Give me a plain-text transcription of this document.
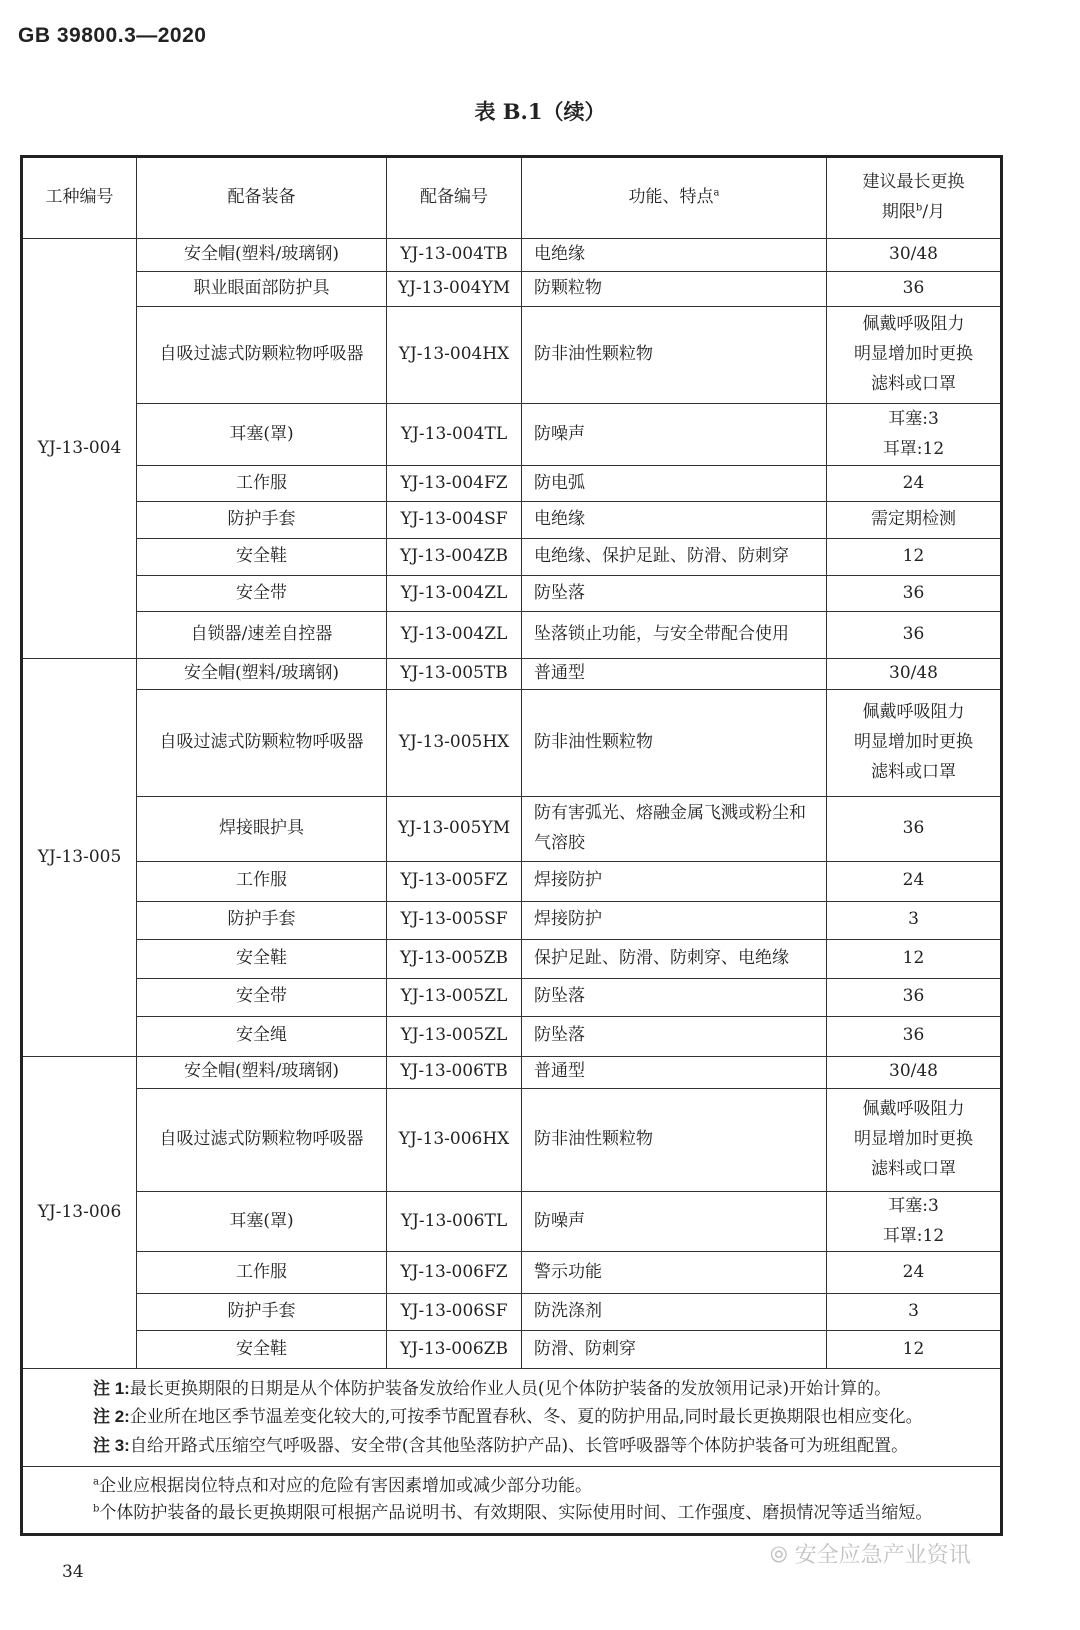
GB 39800.3—2020
表 B.1（续）
工种编号	配备装备	配备编号	功能、特点$^a$	建议最长更换
期限$^b$/月
YJ-13-004	安全帽(塑料/玻璃钢)	YJ-13-004TB	电绝缘	30/48
	职业眼面部防护具	YJ-13-004YM	防颗粒物	36
	自吸过滤式防颗粒物呼吸器	YJ-13-004HX	防非油性颗粒物	佩戴呼吸阻力
明显增加时更换
滤料或口罩
	耳塞(罩)	YJ-13-004TL	防噪声	耳塞:3
耳罩:12
	工作服	YJ-13-004FZ	防电弧	24
	防护手套	YJ-13-004SF	电绝缘	需定期检测
	安全鞋	YJ-13-004ZB	电绝缘、保护足趾、防滑、防刺穿	12
	安全带	YJ-13-004ZL	防坠落	36
	自锁器/速差自控器	YJ-13-004ZL	坠落锁止功能，与安全带配合使用	36
YJ-13-005	安全帽(塑料/玻璃钢)	YJ-13-005TB	普通型	30/48
	自吸过滤式防颗粒物呼吸器	YJ-13-005HX	防非油性颗粒物	佩戴呼吸阻力
明显增加时更换
滤料或口罩
	焊接眼护具	YJ-13-005YM	防有害弧光、熔融金属飞溅或粉尘和气溶胶	36
	工作服	YJ-13-005FZ	焊接防护	24
	防护手套	YJ-13-005SF	焊接防护	3
	安全鞋	YJ-13-005ZB	保护足趾、防滑、防刺穿、电绝缘	12
	安全带	YJ-13-005ZL	防坠落	36
	安全绳	YJ-13-005ZL	防坠落	36
YJ-13-006	安全帽(塑料/玻璃钢)	YJ-13-006TB	普通型	30/48
	自吸过滤式防颗粒物呼吸器	YJ-13-006HX	防非油性颗粒物	佩戴呼吸阻力
明显增加时更换
滤料或口罩
	耳塞(罩)	YJ-13-006TL	防噪声	耳塞:3
耳罩:12
	工作服	YJ-13-006FZ	警示功能	24
	防护手套	YJ-13-006SF	防洗涤剂	3
	安全鞋	YJ-13-006ZB	防滑、防刺穿	12

注 1:最长更换期限的日期是从个体防护装备发放给作业人员(见个体防护装备的发放领用记录)开始计算的。
注 2:企业所在地区季节温差变化较大的,可按季节配置春秋、冬、夏的防护用品,同时最长更换期限也相应变化。
注 3:自给开路式压缩空气呼吸器、安全带(含其他坠落防护产品)、长管呼吸器等个体防护装备可为班组配置。				

$^a$企业应根据岗位特点和对应的危险有害因素增加或减少部分功能。
$^b$个体防护装备的最长更换期限可根据产品说明书、有效期限、实际使用时间、工作强度、磨损情况等适当缩短。				
⦾ 安全应急产业资讯
34
